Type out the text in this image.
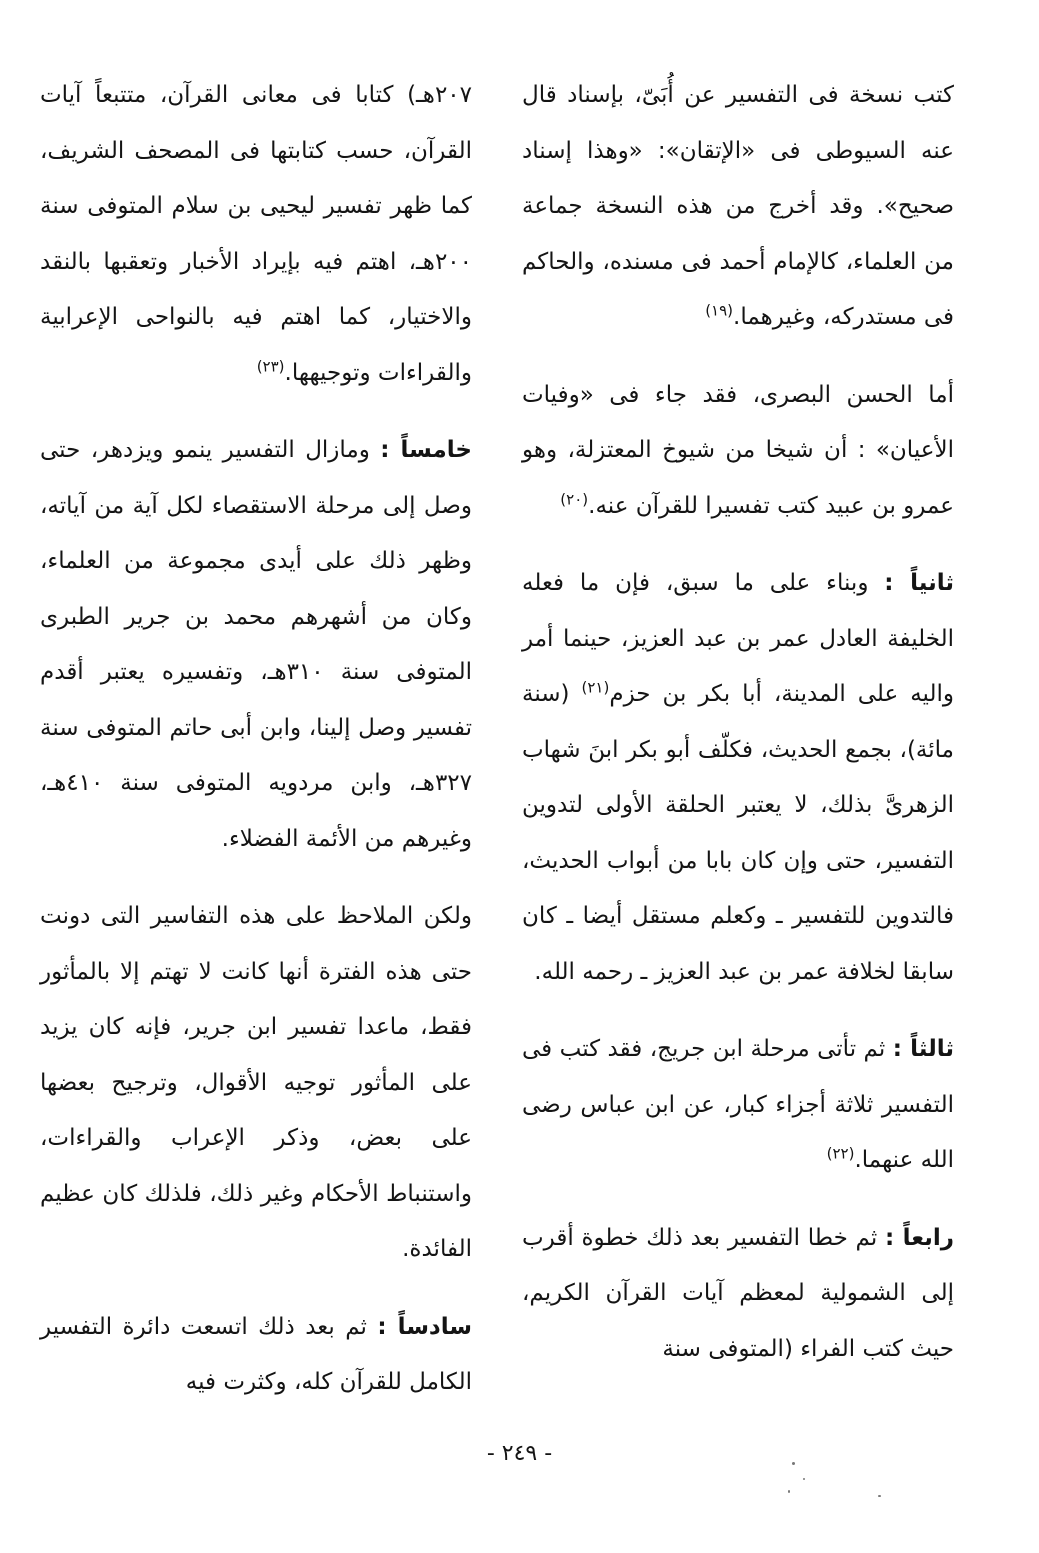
كتب نسخة فى التفسير عن أُبَىّ، بإسناد قال عنه السيوطى فى «الإتقان»: «وهذا إسناد صحيح». وقد أخرج من هذه النسخة جماعة من العلماء، كالإمام أحمد فى مسنده، والحاكم فى مستدركه، وغيرهما.$^{(١٩)}$

أما الحسن البصرى، فقد جاء فى «وفيات الأعيان» : أن شيخا من شيوخ المعتزلة، وهو عمرو بن عبيد كتب تفسيرا للقرآن عنه.$^{(٢٠)}$

ثانياً : وبناء على ما سبق، فإن ما فعله الخليفة العادل عمر بن عبد العزيز، حينما أمر واليه على المدينة، أبا بكر بن حزم$^{(٢١)}$ (سنة مائة)، بجمع الحديث، فكلّف أبو بكر ابنَ شهاب الزهرىَّ بذلك، لا يعتبر الحلقة الأولى لتدوين التفسير، حتى وإن كان بابا من أبواب الحديث، فالتدوين للتفسير ـ وكعلم مستقل أيضا ـ كان سابقا لخلافة عمر بن عبد العزيز ـ رحمه الله.

ثالثاً : ثم تأتى مرحلة ابن جريج، فقد كتب فى التفسير ثلاثة أجزاء كبار، عن ابن عباس رضى الله عنهما.$^{(٢٢)}$

رابعاً : ثم خطا التفسير بعد ذلك خطوة أقرب إلى الشمولية لمعظم آيات القرآن الكريم، حيث كتب الفراء (المتوفى سنة

٢٠٧هـ) كتابا فى معانى القرآن، متتبعاً آيات القرآن، حسب كتابتها فى المصحف الشريف، كما ظهر تفسير ليحيى بن سلام المتوفى سنة ٢٠٠هـ، اهتم فيه بإيراد الأخبار وتعقبها بالنقد والاختيار، كما اهتم فيه بالنواحى الإعرابية والقراءات وتوجيهها.$^{(٢٣)}$

خامساً : ومازال التفسير ينمو ويزدهر، حتى وصل إلى مرحلة الاستقصاء لكل آية من آياته، وظهر ذلك على أيدى مجموعة من العلماء، وكان من أشهرهم محمد بن جرير الطبرى المتوفى سنة ٣١٠هـ، وتفسيره يعتبر أقدم تفسير وصل إلينا، وابن أبى حاتم المتوفى سنة ٣٢٧هـ، وابن مردويه المتوفى سنة ٤١٠هـ، وغيرهم من الأئمة الفضلاء.

ولكن الملاحظ على هذه التفاسير التى دونت حتى هذه الفترة أنها كانت لا تهتم إلا بالمأثور فقط، ماعدا تفسير ابن جرير، فإنه كان يزيد على المأثور توجيه الأقوال، وترجيح بعضها على بعض، وذكر الإعراب والقراءات، واستنباط الأحكام وغير ذلك، فلذلك كان عظيم الفائدة.

سادساً : ثم بعد ذلك اتسعت دائرة التفسير الكامل للقرآن كله، وكثرت فيه

- ٢٤٩ -
